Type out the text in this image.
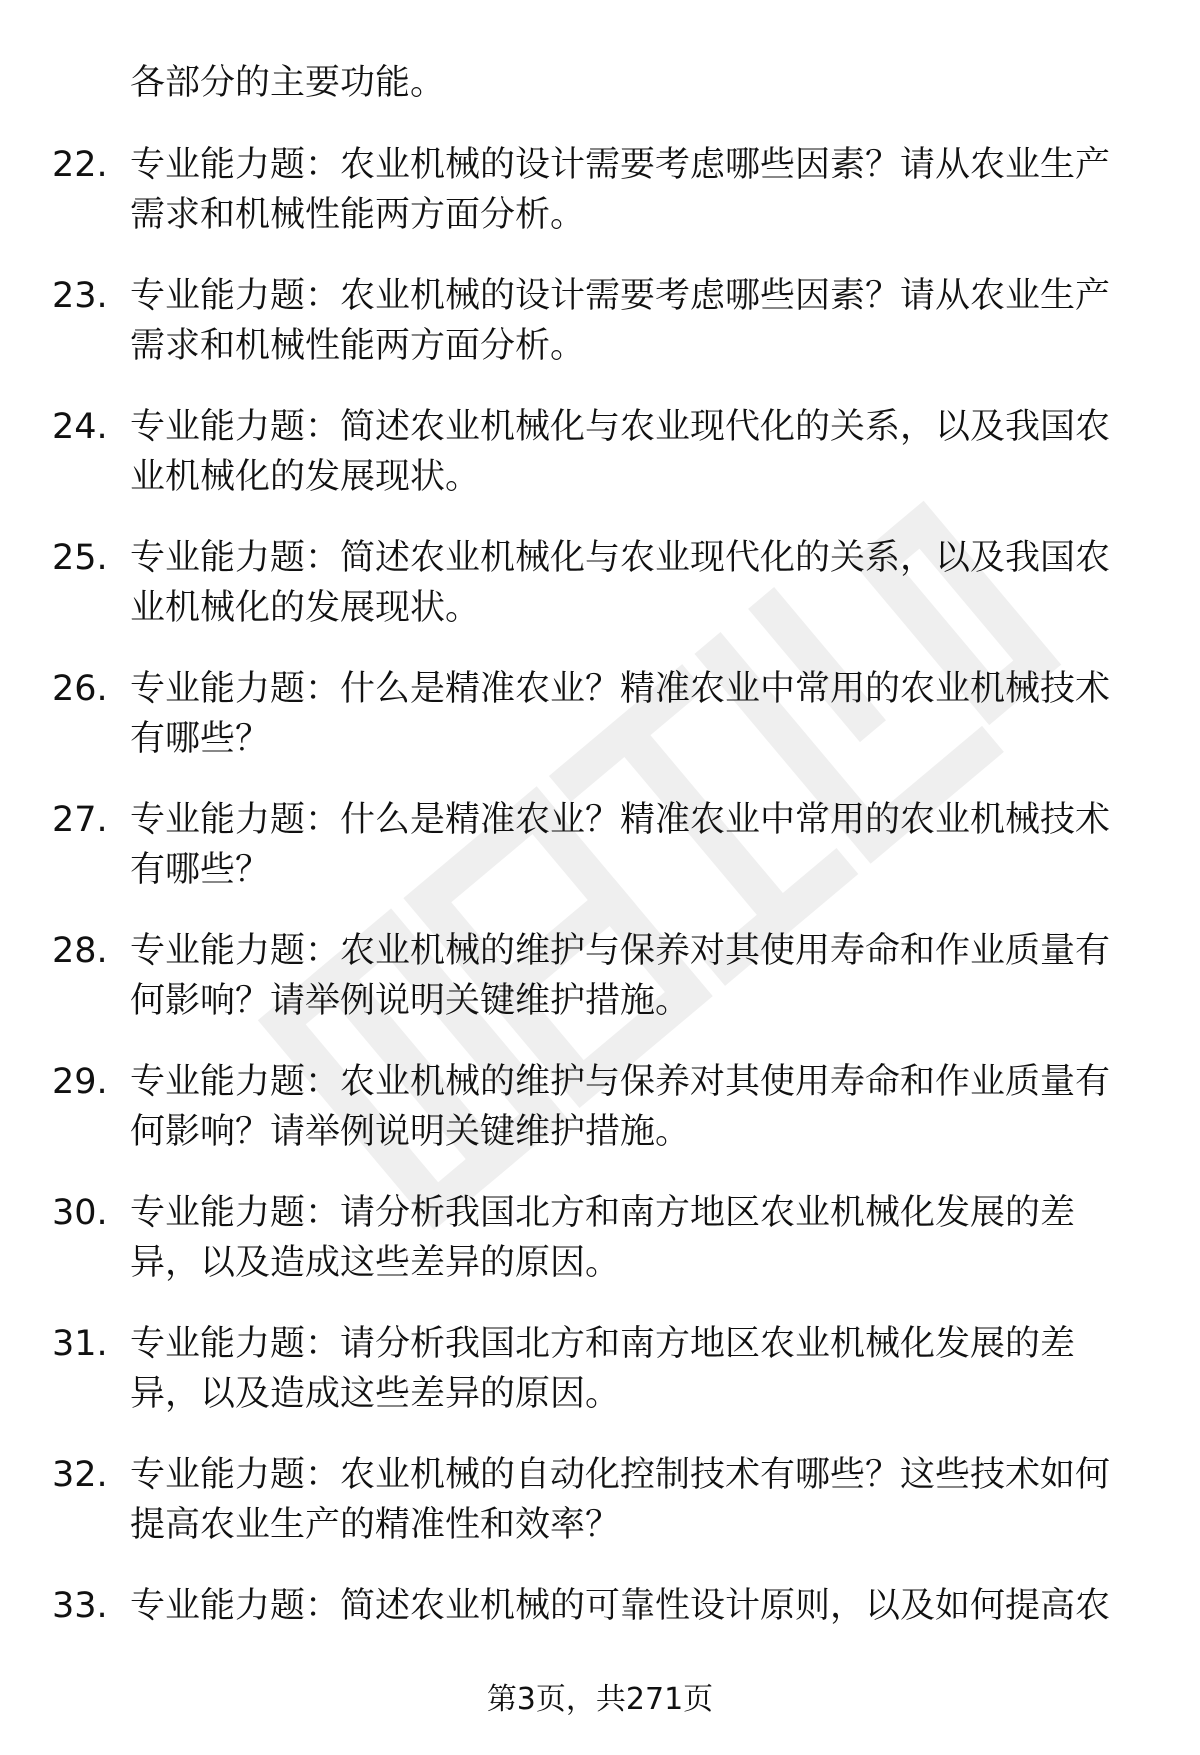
各部分的主要功能。

22. 专业能力题：农业机械的设计需要考虑哪些因素？请从农业生产需求和机械性能两方面分析。

23. 专业能力题：农业机械的设计需要考虑哪些因素？请从农业生产需求和机械性能两方面分析。

24. 专业能力题：简述农业机械化与农业现代化的关系，以及我国农业机械化的发展现状。

25. 专业能力题：简述农业机械化与农业现代化的关系，以及我国农业机械化的发展现状。

26. 专业能力题：什么是精准农业？精准农业中常用的农业机械技术有哪些？

27. 专业能力题：什么是精准农业？精准农业中常用的农业机械技术有哪些？

28. 专业能力题：农业机械的维护与保养对其使用寿命和作业质量有何影响？请举例说明关键维护措施。

29. 专业能力题：农业机械的维护与保养对其使用寿命和作业质量有何影响？请举例说明关键维护措施。

30. 专业能力题：请分析我国北方和南方地区农业机械化发展的差异，以及造成这些差异的原因。

31. 专业能力题：请分析我国北方和南方地区农业机械化发展的差异，以及造成这些差异的原因。

32. 专业能力题：农业机械的自动化控制技术有哪些？这些技术如何提高农业生产的精准性和效率？

33. 专业能力题：简述农业机械的可靠性设计原则，以及如何提高农

第3页，共271页
